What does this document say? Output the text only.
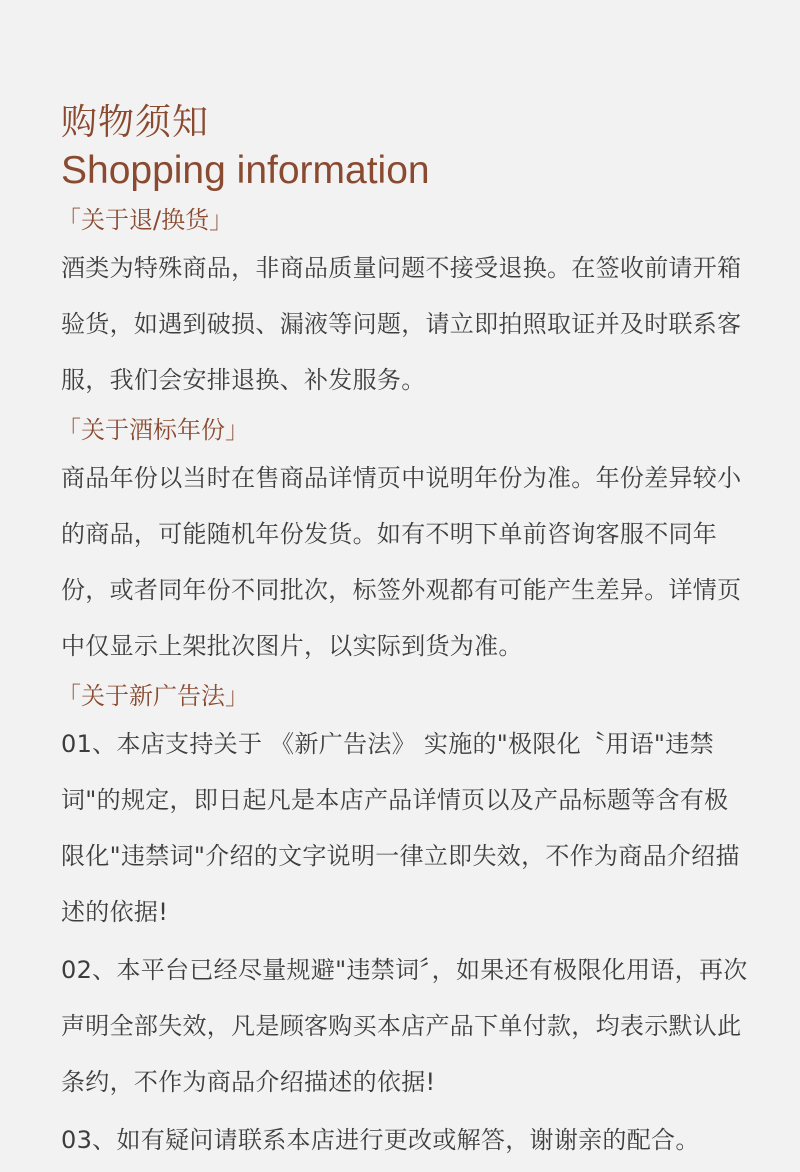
购物须知
Shopping information
「关于退/换货」

酒类为特殊商品，非商品质量问题不接受退换。在签收前请开箱验货，如遇到破损、漏液等问题，请立即拍照取证并及时联系客服，我们会安排退换、补发服务。

「关于酒标年份」

商品年份以当时在售商品详情页中说明年份为准。年份差异较小的商品，可能随机年份发货。如有不明下单前咨询客服不同年份，或者同年份不同批次，标签外观都有可能产生差异。详情页中仅显示上架批次图片，以实际到货为准。

「关于新广告法」

01、本店支持关于 《新广告法》 实施的"极限化〝用语"违禁词"的规定，即日起凡是本店产品详情页以及产品标题等含有极限化"违禁词"介绍的文字说明一律立即失效，不作为商品介绍描述的依据!

02、本平台已经尽量规避"违禁词〞，如果还有极限化用语，再次声明全部失效，凡是顾客购买本店产品下单付款，均表示默认此条约，不作为商品介绍描述的依据!

03、如有疑问请联系本店进行更改或解答，谢谢亲的配合。
